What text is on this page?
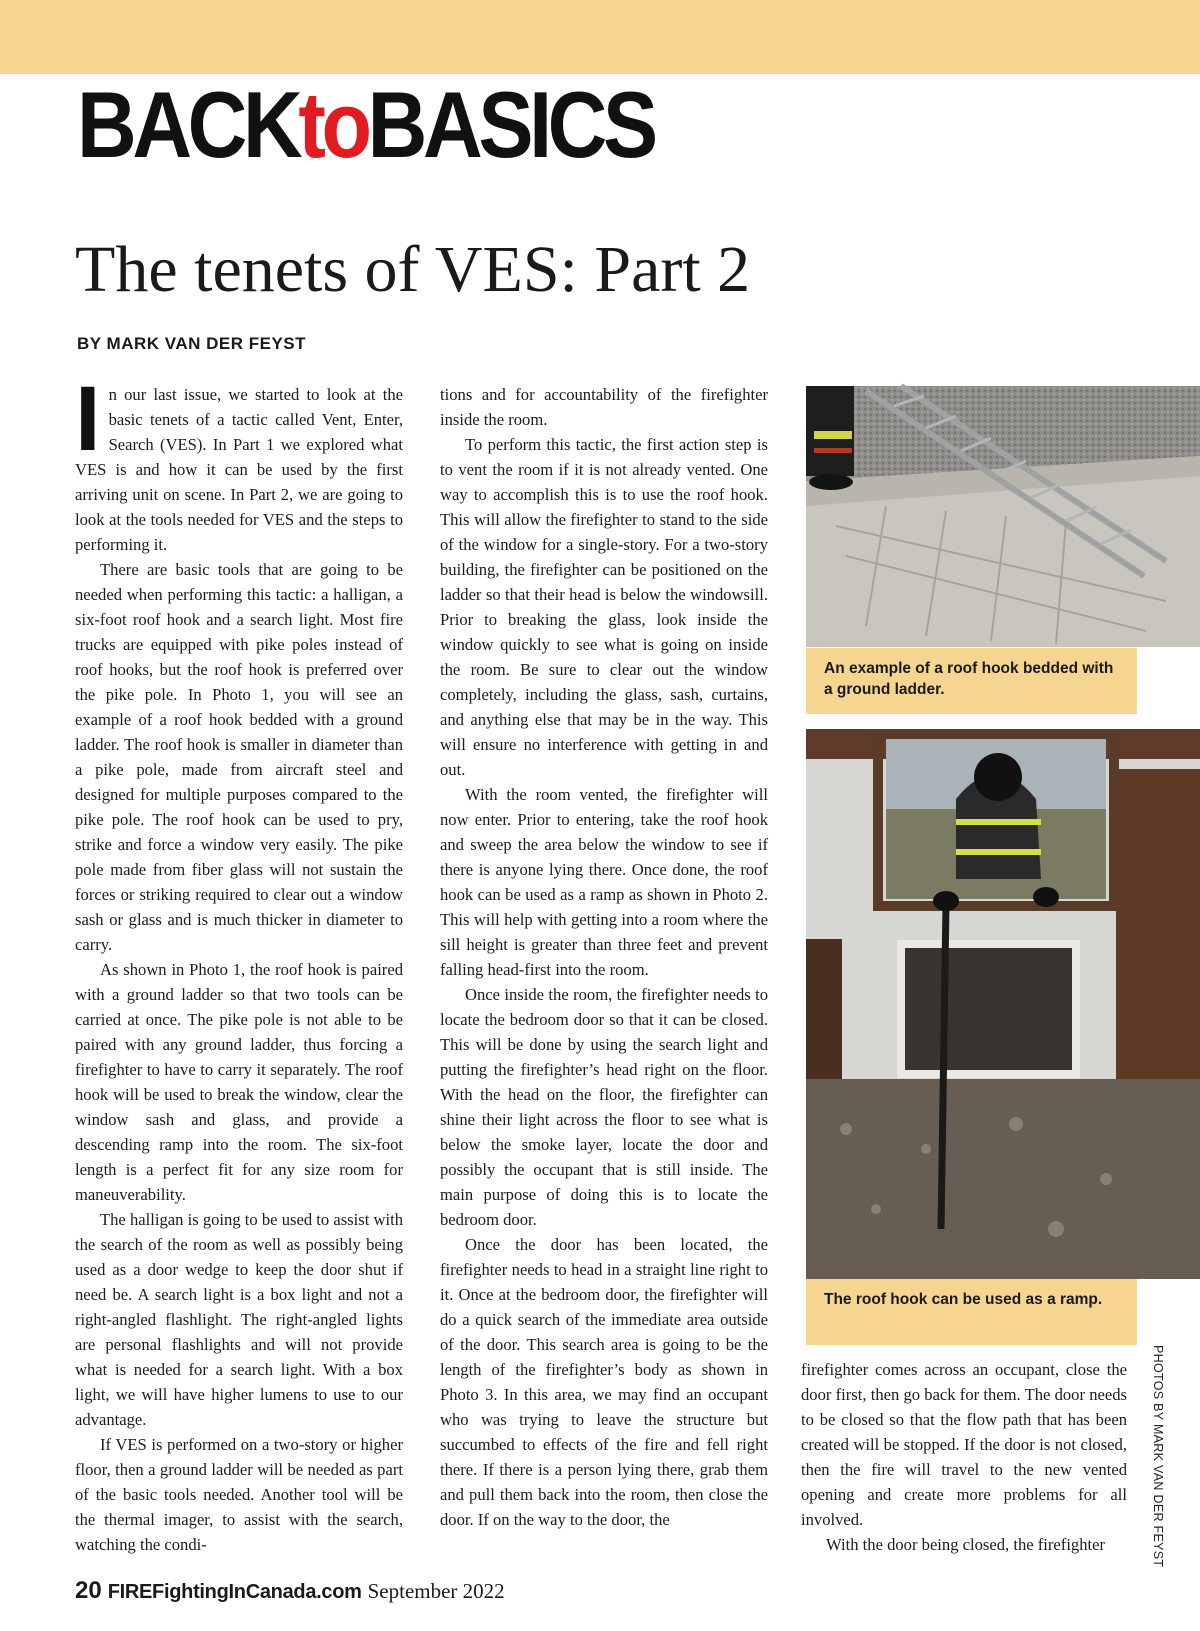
BACKtoBASICS
The tenets of VES: Part 2
BY MARK VAN DER FEYST
I n our last issue, we started to look at the basic tenets of a tactic called Vent, Enter, Search (VES). In Part 1 we explored what VES is and how it can be used by the first arriving unit on scene. In Part 2, we are going to look at the tools needed for VES and the steps to performing it.

There are basic tools that are going to be needed when performing this tactic: a halligan, a six-foot roof hook and a search light. Most fire trucks are equipped with pike poles instead of roof hooks, but the roof hook is preferred over the pike pole. In Photo 1, you will see an example of a roof hook bedded with a ground ladder. The roof hook is smaller in diameter than a pike pole, made from aircraft steel and designed for multiple purposes compared to the pike pole. The roof hook can be used to pry, strike and force a window very easily. The pike pole made from fiber glass will not sustain the forces or striking required to clear out a window sash or glass and is much thicker in diameter to carry.

As shown in Photo 1, the roof hook is paired with a ground ladder so that two tools can be carried at once. The pike pole is not able to be paired with any ground ladder, thus forcing a firefighter to have to carry it separately. The roof hook will be used to break the window, clear the window sash and glass, and provide a descending ramp into the room. The six-foot length is a perfect fit for any size room for maneuverability.

The halligan is going to be used to assist with the search of the room as well as possibly being used as a door wedge to keep the door shut if need be. A search light is a box light and not a right-angled flashlight. The right-angled lights are personal flashlights and will not provide what is needed for a search light. With a box light, we will have higher lumens to use to our advantage.

If VES is performed on a two-story or higher floor, then a ground ladder will be needed as part of the basic tools needed. Another tool will be the thermal imager, to assist with the search, watching the condi-

tions and for accountability of the firefighter inside the room.

To perform this tactic, the first action step is to vent the room if it is not already vented. One way to accomplish this is to use the roof hook. This will allow the firefighter to stand to the side of the window for a single-story. For a two-story building, the firefighter can be positioned on the ladder so that their head is below the windowsill. Prior to breaking the glass, look inside the window quickly to see what is going on inside the room. Be sure to clear out the window completely, including the glass, sash, curtains, and anything else that may be in the way. This will ensure no interference with getting in and out.

With the room vented, the firefighter will now enter. Prior to entering, take the roof hook and sweep the area below the window to see if there is anyone lying there. Once done, the roof hook can be used as a ramp as shown in Photo 2. This will help with getting into a room where the sill height is greater than three feet and prevent falling head-first into the room.

Once inside the room, the firefighter needs to locate the bedroom door so that it can be closed. This will be done by using the search light and putting the firefighter’s head right on the floor. With the head on the floor, the firefighter can shine their light across the floor to see what is below the smoke layer, locate the door and possibly the occupant that is still inside. The main purpose of doing this is to locate the bedroom door.

Once the door has been located, the firefighter needs to head in a straight line right to it. Once at the bedroom door, the firefighter will do a quick search of the immediate area outside of the door. This search area is going to be the length of the firefighter’s body as shown in Photo 3. In this area, we may find an occupant who was trying to leave the structure but succumbed to effects of the fire and fell right there. If there is a person lying there, grab them and pull them back into the room, then close the door. If on the way to the door, the

An example of a roof hook bedded with a ground ladder.
The roof hook can be used as a ramp.

firefighter comes across an occupant, close the door first, then go back for them. The door needs to be closed so that the flow path that has been created will be stopped. If the door is not closed, then the fire will travel to the new vented opening and create more problems for all involved.

With the door being closed, the firefighter	PHOTOS BY MARK VAN DER FEYST
20 FIREFightingInCanada.com September 2022
